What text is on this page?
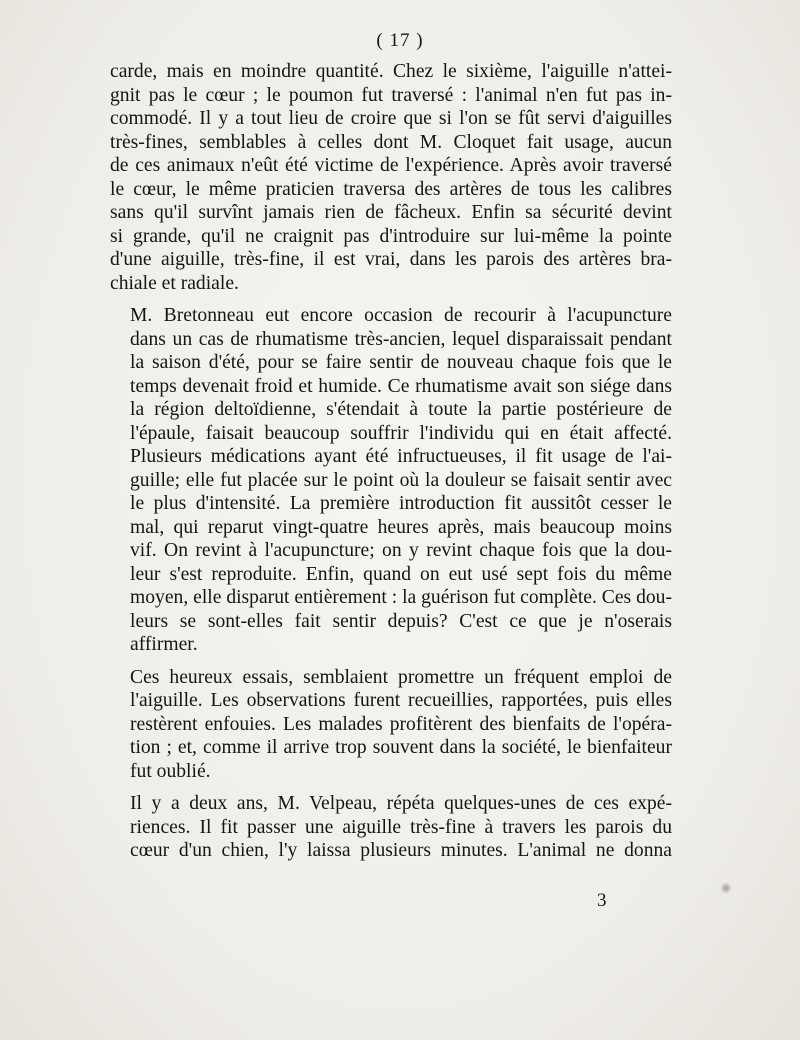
( 17 )

carde, mais en moindre quantité. Chez le sixième, l'aiguille n'attei-
gnit pas le cœur ; le poumon fut traversé : l'animal n'en fut pas in-
commodé. Il y a tout lieu de croire que si l'on se fût servi d'aiguilles
très-fines, semblables à celles dont M. Cloquet fait usage, aucun
de ces animaux n'eût été victime de l'expérience. Après avoir traversé
le cœur, le même praticien traversa des artères de tous les calibres
sans qu'il survînt jamais rien de fâcheux. Enfin sa sécurité devint
si grande, qu'il ne craignit pas d'introduire sur lui-même la pointe
d'une aiguille, très-fine, il est vrai, dans les parois des artères bra-
chiale et radiale.

M. Bretonneau eut encore occasion de recourir à l'acupuncture
dans un cas de rhumatisme très-ancien, lequel disparaissait pendant
la saison d'été, pour se faire sentir de nouveau chaque fois que le
temps devenait froid et humide. Ce rhumatisme avait son siége dans
la région deltoïdienne, s'étendait à toute la partie postérieure de
l'épaule, faisait beaucoup souffrir l'individu qui en était affecté.
Plusieurs médications ayant été infructueuses, il fit usage de l'ai-
guille; elle fut placée sur le point où la douleur se faisait sentir avec
le plus d'intensité. La première introduction fit aussitôt cesser le
mal, qui reparut vingt-quatre heures après, mais beaucoup moins
vif. On revint à l'acupuncture; on y revint chaque fois que la dou-
leur s'est reproduite. Enfin, quand on eut usé sept fois du même
moyen, elle disparut entièrement : la guérison fut complète. Ces dou-
leurs se sont-elles fait sentir depuis? C'est ce que je n'oserais
affirmer.

Ces heureux essais, semblaient promettre un fréquent emploi de
l'aiguille. Les observations furent recueillies, rapportées, puis elles
restèrent enfouies. Les malades profitèrent des bienfaits de l'opéra-
tion ; et, comme il arrive trop souvent dans la société, le bienfaiteur
fut oublié.

Il y a deux ans, M. Velpeau, répéta quelques-unes de ces expé-
riences. Il fit passer une aiguille très-fine à travers les parois du
cœur d'un chien, l'y laissa plusieurs minutes. L'animal ne donna

3
